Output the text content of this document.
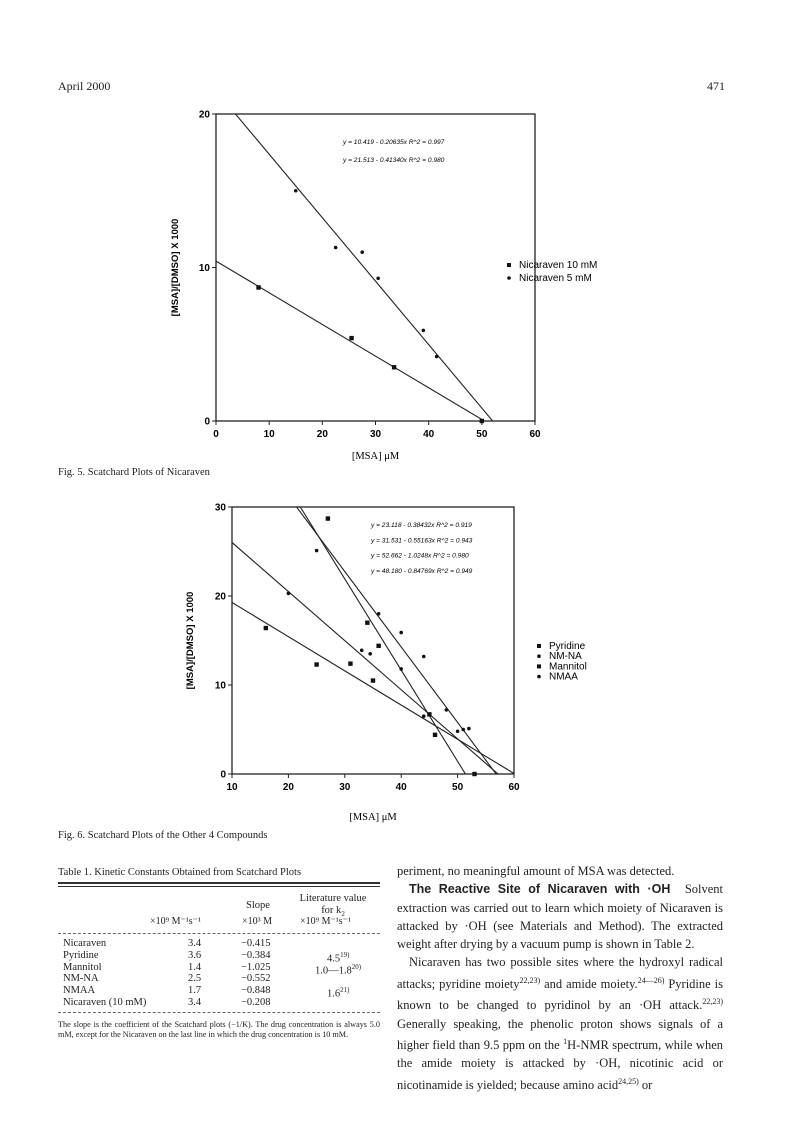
April 2000	471
0	10	20	30	40	50	60
0
10
20
[MSA] μM
[MSA]/[DMSO] X 1000
y = 10.419 - 0.20635x R^2 = 0.997
y = 21.513 - 0.41340x R^2 = 0.980
Nicaraven 10 mM
Nicaraven 5 mM
10	20	30	40	50	60
0
10
20
30
[MSA] μM
[MSA]/[DMSO] X 1000
y = 23.118 - 0.38432x R^2 = 0.919
y = 31.531 - 0.55163x R^2 = 0.943
y = 52.662 - 1.0248x R^2 = 0.980
y = 48.180 - 0.84769x R^2 = 0.949
Pyridine
NM-NA
Mannitol
NMAA
Fig. 5. Scatchard Plots of Nicaraven
Fig. 6. Scatchard Plots of the Other 4 Compounds
Table 1. Kinetic Constants Obtained from Scatchard Plots
Slope
Literature value
for $k_2$
×10⁹ M⁻¹s⁻¹	×10³ M	×10⁹ M⁻¹s⁻¹
Nicaraven	3.4	−0.415
Pyridine	3.6	−0.384	4.5$^{19)}$
Mannitol	1.4	−1.025	1.0—1.8$^{20)}$
NM-NA	2.5	−0.552
NMAA	1.7	−0.848	1.6$^{21)}$
Nicaraven (10 mM)	3.4	−0.208
The slope is the coefficient of the Scatchard plots (−1/K). The drug concentration is always 5.0 mM, except for the Nicaraven on the last line in which the drug concentration is 10 mM.

periment, no meaningful amount of MSA was detected.

The Reactive Site of Nicaraven with ·OH Solvent extraction was carried out to learn which moiety of Nicaraven is attacked by ·OH (see Materials and Method). The extracted weight after drying by a vacuum pump is shown in Table 2.

Nicaraven has two possible sites where the hydroxyl radical attacks; pyridine moiety$^{22,23)}$ and amide moiety.$^{24—26)}$ Pyridine is known to be changed to pyridinol by an ·OH attack.$^{22,23)}$ Generally speaking, the phenolic proton shows signals of a higher field than 9.5 ppm on the $^1$H-NMR spectrum, while when the amide moiety is attacked by ·OH, nicotinic acid or nicotinamide is yielded; because amino acid$^{24,25)}$ or
